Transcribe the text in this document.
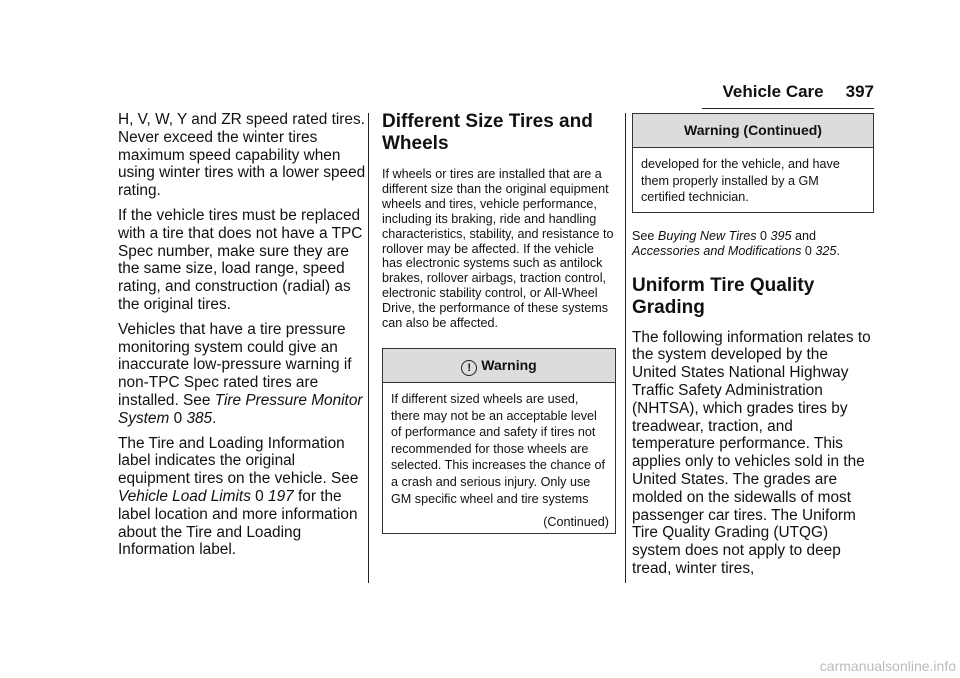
Vehicle Care 397

H, V, W, Y and ZR speed rated tires. Never exceed the winter tires maximum speed capability when using winter tires with a lower speed rating.

If the vehicle tires must be replaced with a tire that does not have a TPC Spec number, make sure they are the same size, load range, speed rating, and construction (radial) as the original tires.

Vehicles that have a tire pressure monitoring system could give an inaccurate low-pressure warning if non-TPC Spec rated tires are installed. See Tire Pressure Monitor System 0 385.

The Tire and Loading Information label indicates the original equipment tires on the vehicle. See Vehicle Load Limits 0 197 for the label location and more information about the Tire and Loading Information label.

Different Size Tires and Wheels

If wheels or tires are installed that are a different size than the original equipment wheels and tires, vehicle performance, including its braking, ride and handling characteristics, stability, and resistance to rollover may be affected. If the vehicle has electronic systems such as antilock brakes, rollover airbags, traction control, electronic stability control, or All-Wheel Drive, the performance of these systems can also be affected.

! Warning
If different sized wheels are used, there may not be an acceptable level of performance and safety if tires not recommended for those wheels are selected. This increases the chance of a crash and serious injury. Only use GM specific wheel and tire systems
(Continued)
Warning (Continued)
developed for the vehicle, and have them properly installed by a GM certified technician.

See Buying New Tires 0 395 and Accessories and Modifications 0 325.

Uniform Tire Quality Grading

The following information relates to the system developed by the United States National Highway Traffic Safety Administration (NHTSA), which grades tires by treadwear, traction, and temperature performance. This applies only to vehicles sold in the United States. The grades are molded on the sidewalls of most passenger car tires. The Uniform Tire Quality Grading (UTQG) system does not apply to deep tread, winter tires,

carmanualsonline.info
